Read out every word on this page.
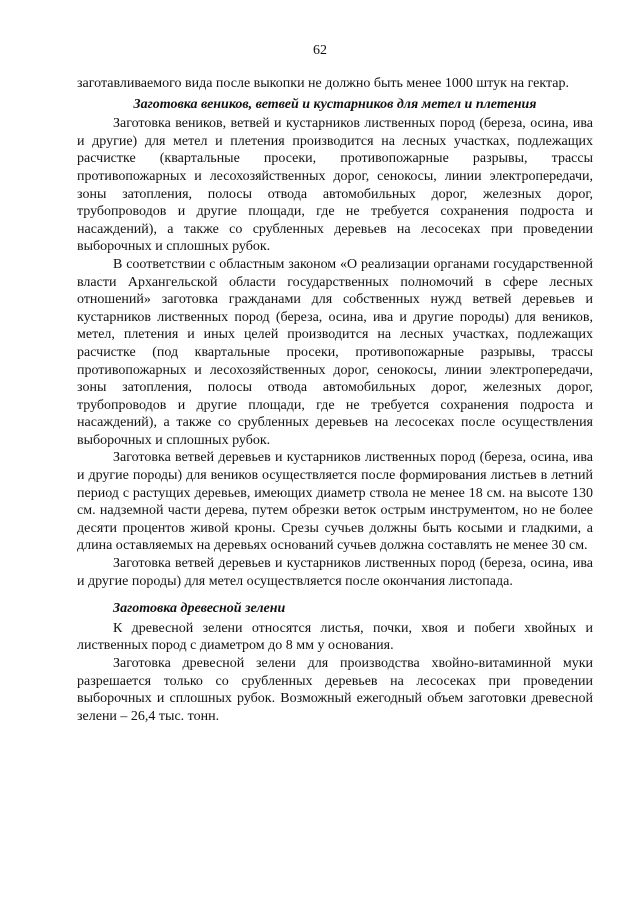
62

заготавливаемого вида после выкопки не должно быть менее 1000 штук на гектар.

Заготовка веников, ветвей и кустарников для метел и плетения

Заготовка веников, ветвей и кустарников лиственных пород (береза, осина, ива и другие) для метел и плетения производится на лесных участках, подлежащих расчистке (квартальные просеки, противопожарные разрывы, трассы противопожарных и лесохозяйственных дорог, сенокосы, линии электропередачи, зоны затопления, полосы отвода автомобильных дорог, железных дорог, трубопроводов и другие площади, где не требуется сохранения подроста и насаждений), а также со срубленных деревьев на лесосеках при проведении выборочных и сплошных рубок.

В соответствии с областным законом «О реализации органами государственной власти Архангельской области государственных полномочий в сфере лесных отношений» заготовка гражданами для собственных нужд ветвей деревьев и кустарников лиственных пород (береза, осина, ива и другие породы) для веников, метел, плетения и иных целей производится на лесных участках, подлежащих расчистке (под квартальные просеки, противопожарные разрывы, трассы противопожарных и лесохозяйственных дорог, сенокосы, линии электропередачи, зоны затопления, полосы отвода автомобильных дорог, железных дорог, трубопроводов и другие площади, где не требуется сохранения подроста и насаждений), а также со срубленных деревьев на лесосеках после осуществления выборочных и сплошных рубок.

Заготовка ветвей деревьев и кустарников лиственных пород (береза, осина, ива и другие породы) для веников осуществляется после формирования листьев в летний период с растущих деревьев, имеющих диаметр ствола не менее 18 см. на высоте 130 см. надземной части дерева, путем обрезки веток острым инструментом, но не более десяти процентов живой кроны. Срезы сучьев должны быть косыми и гладкими, а длина оставляемых на деревьях оснований сучьев должна составлять не менее 30 см.

Заготовка ветвей деревьев и кустарников лиственных пород (береза, осина, ива и другие породы) для метел осуществляется после окончания листопада.

Заготовка древесной зелени

К древесной зелени относятся листья, почки, хвоя и побеги хвойных и лиственных пород с диаметром до 8 мм у основания.

Заготовка древесной зелени для производства хвойно-витаминной муки разрешается только со срубленных деревьев на лесосеках при проведении выборочных и сплошных рубок. Возможный ежегодный объем заготовки древесной зелени – 26,4 тыс. тонн.
